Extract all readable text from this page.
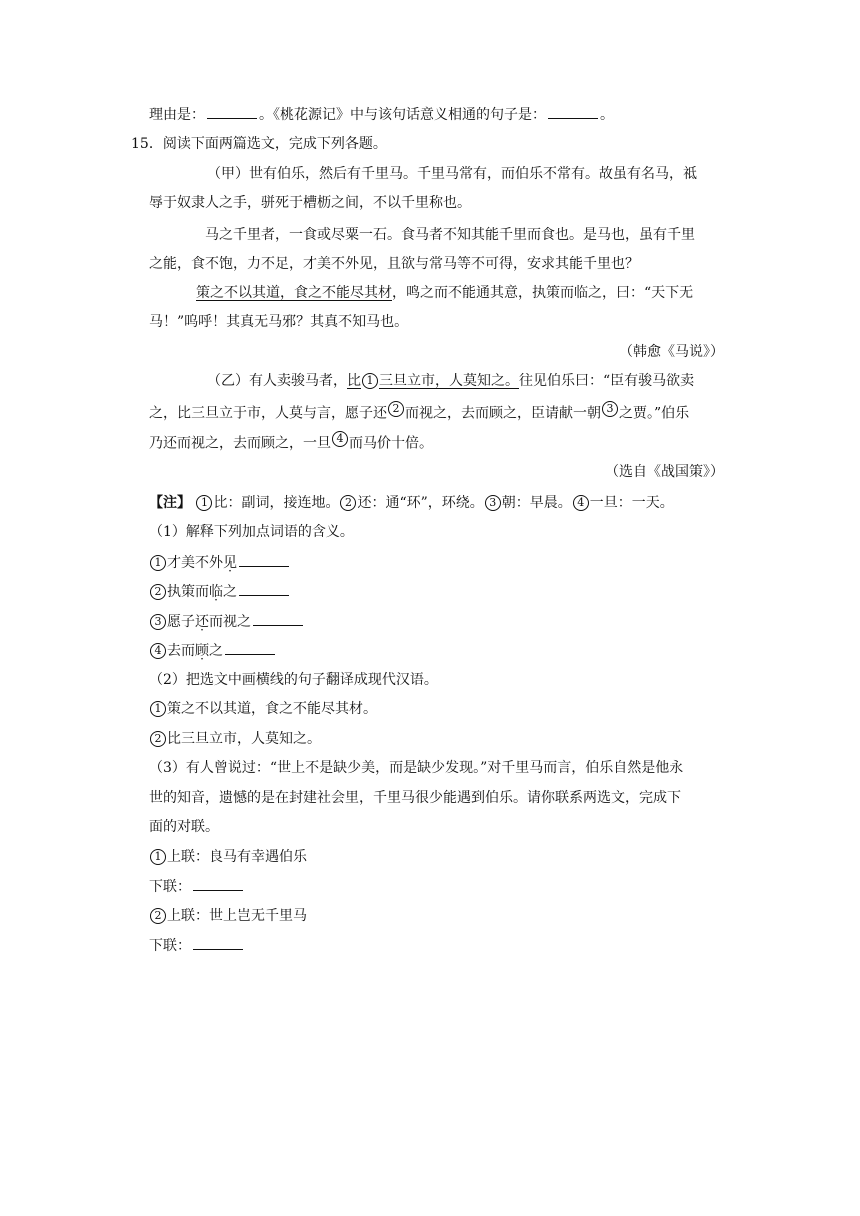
理由是：	。《桃花源记》中与该句话意义相通的句子是：	。
15．阅读下面两篇选文，完成下列各题。
（甲）世有伯乐，然后有千里马。千里马常有，而伯乐不常有。故虽有名马，祗
辱于奴隶人之手，骈死于槽枥之间，不以千里称也。
马之千里者，一食或尽粟一石。食马者不知其能千里而食也。是马也，虽有千里
之能，食不饱，力不足，才美不外见，且欲与常马等不可得，安求其能千里也？
策之不以其道，食之不能尽其材，鸣之而不能通其意，执策而临之，曰：“天下无
马！”呜呼！其真无马邪？其真不知马也。
（韩愈《马说》）
（乙）有人卖骏马者，比 1 三旦立市，人莫知之。往见伯乐曰：“臣有骏马欲卖
之，比三旦立于市，人莫与言，愿子还 2 而视之，去而顾之，臣请献一朝 3 之贾。”伯乐
乃还而视之，去而顾之，一旦 4 而马价十倍。
（选自《战国策》）
【注】 1 比：副词，接连地。 2 还：通“环”，环绕。 3 朝：早晨。 4 一旦：一天。
（1）解释下列加点词语的含义。
1 才美不外见
2 执策而临之
3 愿子还而视之
4 去而顾之
（2）把选文中画横线的句子翻译成现代汉语。
1 策之不以其道，食之不能尽其材。
2 比三旦立市，人莫知之。
（3）有人曾说过：“世上不是缺少美，而是缺少发现。”对千里马而言，伯乐自然是他永
世的知音，遗憾的是在封建社会里，千里马很少能遇到伯乐。请你联系两选文，完成下
面的对联。
1 上联：良马有幸遇伯乐
下联：
2 上联：世上岂无千里马
下联：
